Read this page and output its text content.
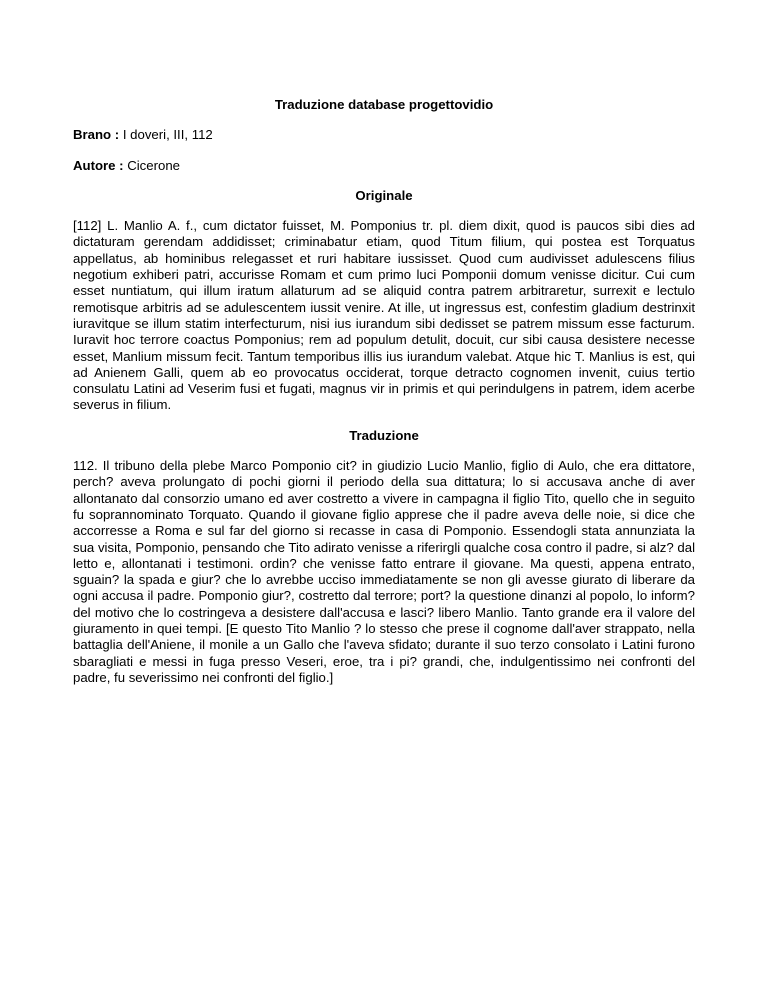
Traduzione database progettovidio

Brano : I doveri, III, 112

Autore : Cicerone

Originale

[112] L. Manlio A. f., cum dictator fuisset, M. Pomponius tr. pl. diem dixit, quod is paucos sibi dies ad dictaturam gerendam addidisset; criminabatur etiam, quod Titum filium, qui postea est Torquatus appellatus, ab hominibus relegasset et ruri habitare iussisset. Quod cum audivisset adulescens filius negotium exhiberi patri, accurisse Romam et cum primo luci Pomponii domum venisse dicitur. Cui cum esset nuntiatum, qui illum iratum allaturum ad se aliquid contra patrem arbitraretur, surrexit e lectulo remotisque arbitris ad se adulescentem iussit venire. At ille, ut ingressus est, confestim gladium destrinxit iuravitque se illum statim interfecturum, nisi ius iurandum sibi dedisset se patrem missum esse facturum. Iuravit hoc terrore coactus Pomponius; rem ad populum detulit, docuit, cur sibi causa desistere necesse esset, Manlium missum fecit. Tantum temporibus illis ius iurandum valebat. Atque hic T. Manlius is est, qui ad Anienem Galli, quem ab eo provocatus occiderat, torque detracto cognomen invenit, cuius tertio consulatu Latini ad Veserim fusi et fugati, magnus vir in primis et qui perindulgens in patrem, idem acerbe severus in filium.

Traduzione

112. Il tribuno della plebe Marco Pomponio cit? in giudizio Lucio Manlio, figlio di Aulo, che era dittatore, perch? aveva prolungato di pochi giorni il periodo della sua dittatura; lo si accusava anche di aver allontanato dal consorzio umano ed aver costretto a vivere in campagna il figlio Tito, quello che in seguito fu soprannominato Torquato. Quando il giovane figlio apprese che il padre aveva delle noie, si dice che accorresse a Roma e sul far del giorno si recasse in casa di Pomponio. Essendogli stata annunziata la sua visita, Pomponio, pensando che Tito adirato venisse a riferirgli qualche cosa contro il padre, si alz? dal letto e, allontanati i testimoni. ordin? che venisse fatto entrare il giovane. Ma questi, appena entrato, sguain? la spada e giur? che lo avrebbe ucciso immediatamente se non gli avesse giurato di liberare da ogni accusa il padre. Pomponio giur?, costretto dal terrore; port? la questione dinanzi al popolo, lo inform? del motivo che lo costringeva a desistere dall'accusa e lasci? libero Manlio. Tanto grande era il valore del giuramento in quei tempi. [E questo Tito Manlio ? lo stesso che prese il cognome dall'aver strappato, nella battaglia dell'Aniene, il monile a un Gallo che l'aveva sfidato; durante il suo terzo consolato i Latini furono sbaragliati e messi in fuga presso Veseri, eroe, tra i pi? grandi, che, indulgentissimo nei confronti del padre, fu severissimo nei confronti del figlio.]
